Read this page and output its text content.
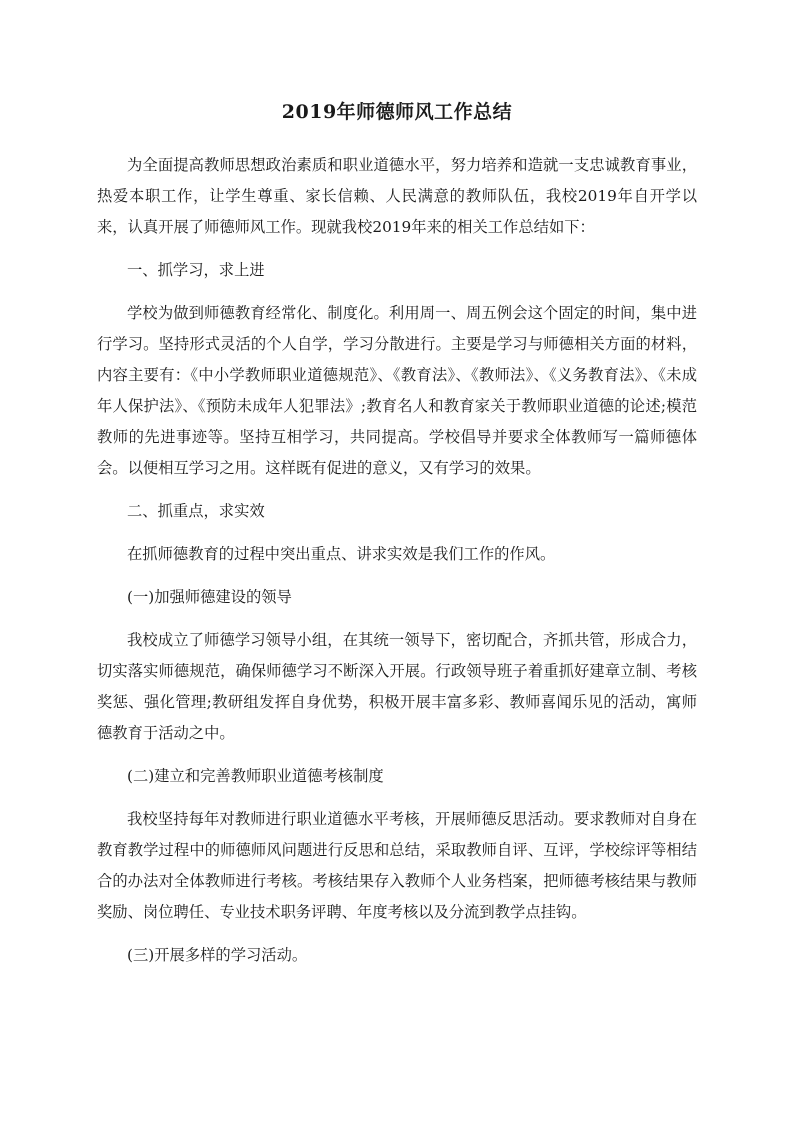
2019年师德师风工作总结

为全面提高教师思想政治素质和职业道德水平，努力培养和造就一支忠诚教育事业，热爱本职工作，让学生尊重、家长信赖、人民满意的教师队伍，我校2019年自开学以来，认真开展了师德师风工作。现就我校2019年来的相关工作总结如下：

一、抓学习，求上进

学校为做到师德教育经常化、制度化。利用周一、周五例会这个固定的时间，集中进行学习。坚持形式灵活的个人自学，学习分散进行。主要是学习与师德相关方面的材料，内容主要有：《中小学教师职业道德规范》、《教育法》、《教师法》、《义务教育法》、《未成年人保护法》、《预防未成年人犯罪法》;教育名人和教育家关于教师职业道德的论述;模范教师的先进事迹等。坚持互相学习，共同提高。学校倡导并要求全体教师写一篇师德体会。以便相互学习之用。这样既有促进的意义，又有学习的效果。

二、抓重点，求实效

在抓师德教育的过程中突出重点、讲求实效是我们工作的作风。

(一)加强师德建设的领导

我校成立了师德学习领导小组，在其统一领导下，密切配合，齐抓共管，形成合力，切实落实师德规范，确保师德学习不断深入开展。行政领导班子着重抓好建章立制、考核奖惩、强化管理;教研组发挥自身优势，积极开展丰富多彩、教师喜闻乐见的活动，寓师德教育于活动之中。

(二)建立和完善教师职业道德考核制度

我校坚持每年对教师进行职业道德水平考核，开展师德反思活动。要求教师对自身在教育教学过程中的师德师风问题进行反思和总结，采取教师自评、互评，学校综评等相结合的办法对全体教师进行考核。考核结果存入教师个人业务档案，把师德考核结果与教师奖励、岗位聘任、专业技术职务评聘、年度考核以及分流到教学点挂钩。

(三)开展多样的学习活动。
